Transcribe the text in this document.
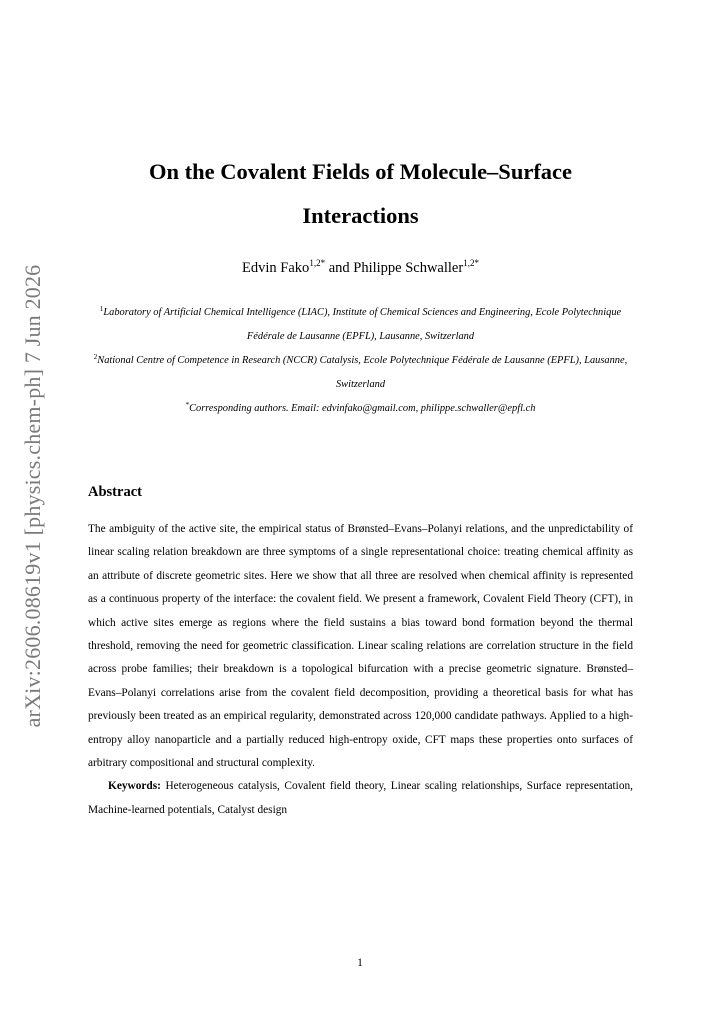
arXiv:2606.08619v1 [physics.chem-ph] 7 Jun 2026
On the Covalent Fields of Molecule–Surface Interactions
Edvin Fako$^{1,2*}$ and Philippe Schwaller$^{1,2*}$

$^1$Laboratory of Artificial Chemical Intelligence (LIAC), Institute of Chemical Sciences and Engineering, Ecole Polytechnique Fédérale de Lausanne (EPFL), Lausanne, Switzerland

$^2$National Centre of Competence in Research (NCCR) Catalysis, Ecole Polytechnique Fédérale de Lausanne (EPFL), Lausanne, Switzerland

*Corresponding authors. Email: edvinfako@gmail.com, philippe.schwaller@epfl.ch

Abstract

The ambiguity of the active site, the empirical status of Brønsted–Evans–Polanyi relations, and the unpredictability of linear scaling relation breakdown are three symptoms of a single representational choice: treating chemical affinity as an attribute of discrete geometric sites. Here we show that all three are resolved when chemical affinity is represented as a continuous property of the interface: the covalent field. We present a framework, Covalent Field Theory (CFT), in which active sites emerge as regions where the field sustains a bias toward bond formation beyond the thermal threshold, removing the need for geometric classification. Linear scaling relations are correlation structure in the field across probe families; their breakdown is a topological bifurcation with a precise geometric signature. Brønsted–Evans–Polanyi correlations arise from the covalent field decomposition, providing a theoretical basis for what has previously been treated as an empirical regularity, demonstrated across 120,000 candidate pathways. Applied to a high-entropy alloy nanoparticle and a partially reduced high-entropy oxide, CFT maps these properties onto surfaces of arbitrary compositional and structural complexity.

Keywords: Heterogeneous catalysis, Covalent field theory, Linear scaling relationships, Surface representation, Machine-learned potentials, Catalyst design

1
